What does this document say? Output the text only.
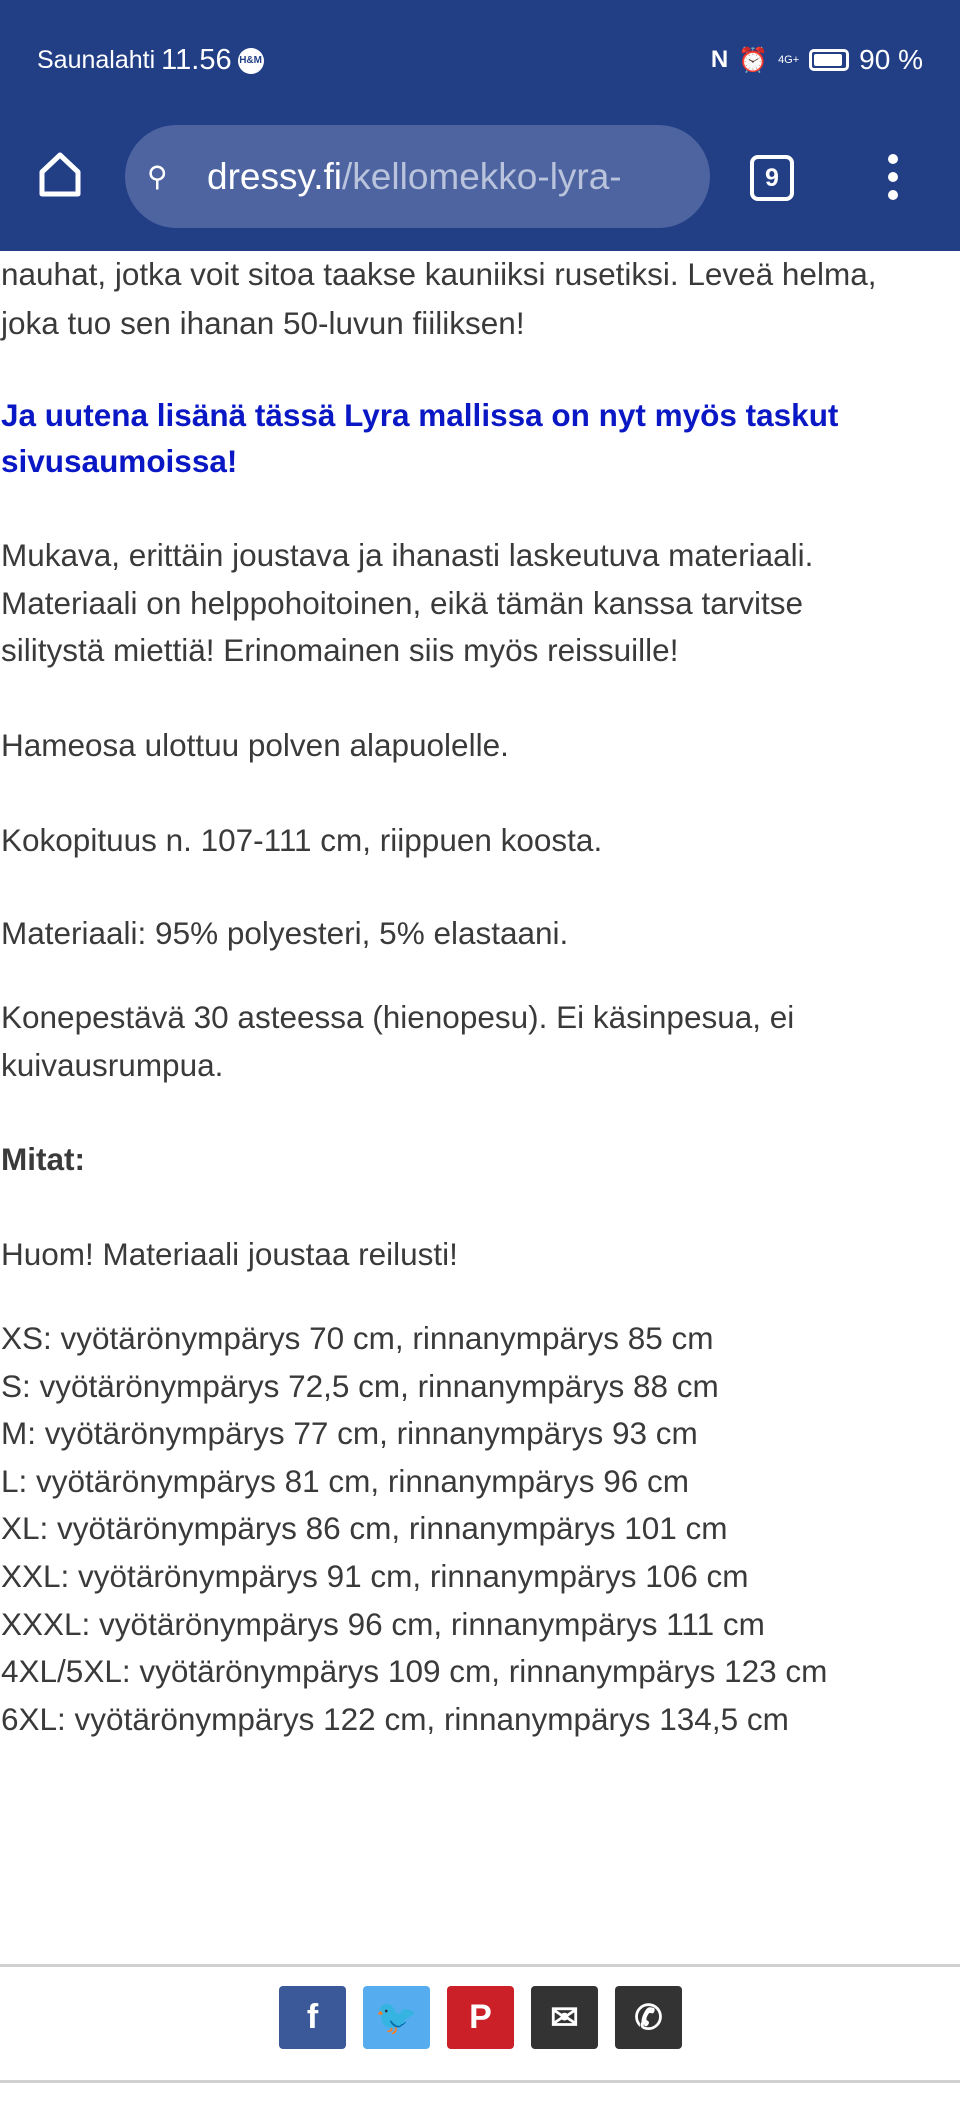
Saunalahti 11.56 H&M	N ⏰ 4G+ 90 %
⚲	dressy.fi /kellomekko-lyra-	9
nauhat, jotka voit sitoa taakse kauniiksi rusetiksi. Leveä helma,
joka tuo sen ihanan 50-luvun fiiliksen!
Ja uutena lisänä tässä Lyra mallissa on nyt myös taskut
sivusaumoissa!
Mukava, erittäin joustava ja ihanasti laskeutuva materiaali.
Materiaali on helppohoitoinen, eikä tämän kanssa tarvitse
silitystä miettiä! Erinomainen siis myös reissuille!
Hameosa ulottuu polven alapuolelle.
Kokopituus n. 107-111 cm, riippuen koosta.
Materiaali: 95% polyesteri, 5% elastaani.
Konepestävä 30 asteessa (hienopesu). Ei käsinpesua, ei
kuivausrumpua.
Mitat:
Huom! Materiaali joustaa reilusti!
XS: vyötärönympärys 70 cm, rinnanympärys 85 cm
S: vyötärönympärys 72,5 cm, rinnanympärys 88 cm
M: vyötärönympärys 77 cm, rinnanympärys 93 cm
L: vyötärönympärys 81 cm, rinnanympärys 96 cm
XL: vyötärönympärys 86 cm, rinnanympärys 101 cm
XXL: vyötärönympärys 91 cm, rinnanympärys 106 cm
XXXL: vyötärönympärys 96 cm, rinnanympärys 111 cm
4XL/5XL: vyötärönympärys 109 cm, rinnanympärys 123 cm
6XL: vyötärönympärys 122 cm, rinnanympärys 134,5 cm
f 🐦 P ✉ ✆
